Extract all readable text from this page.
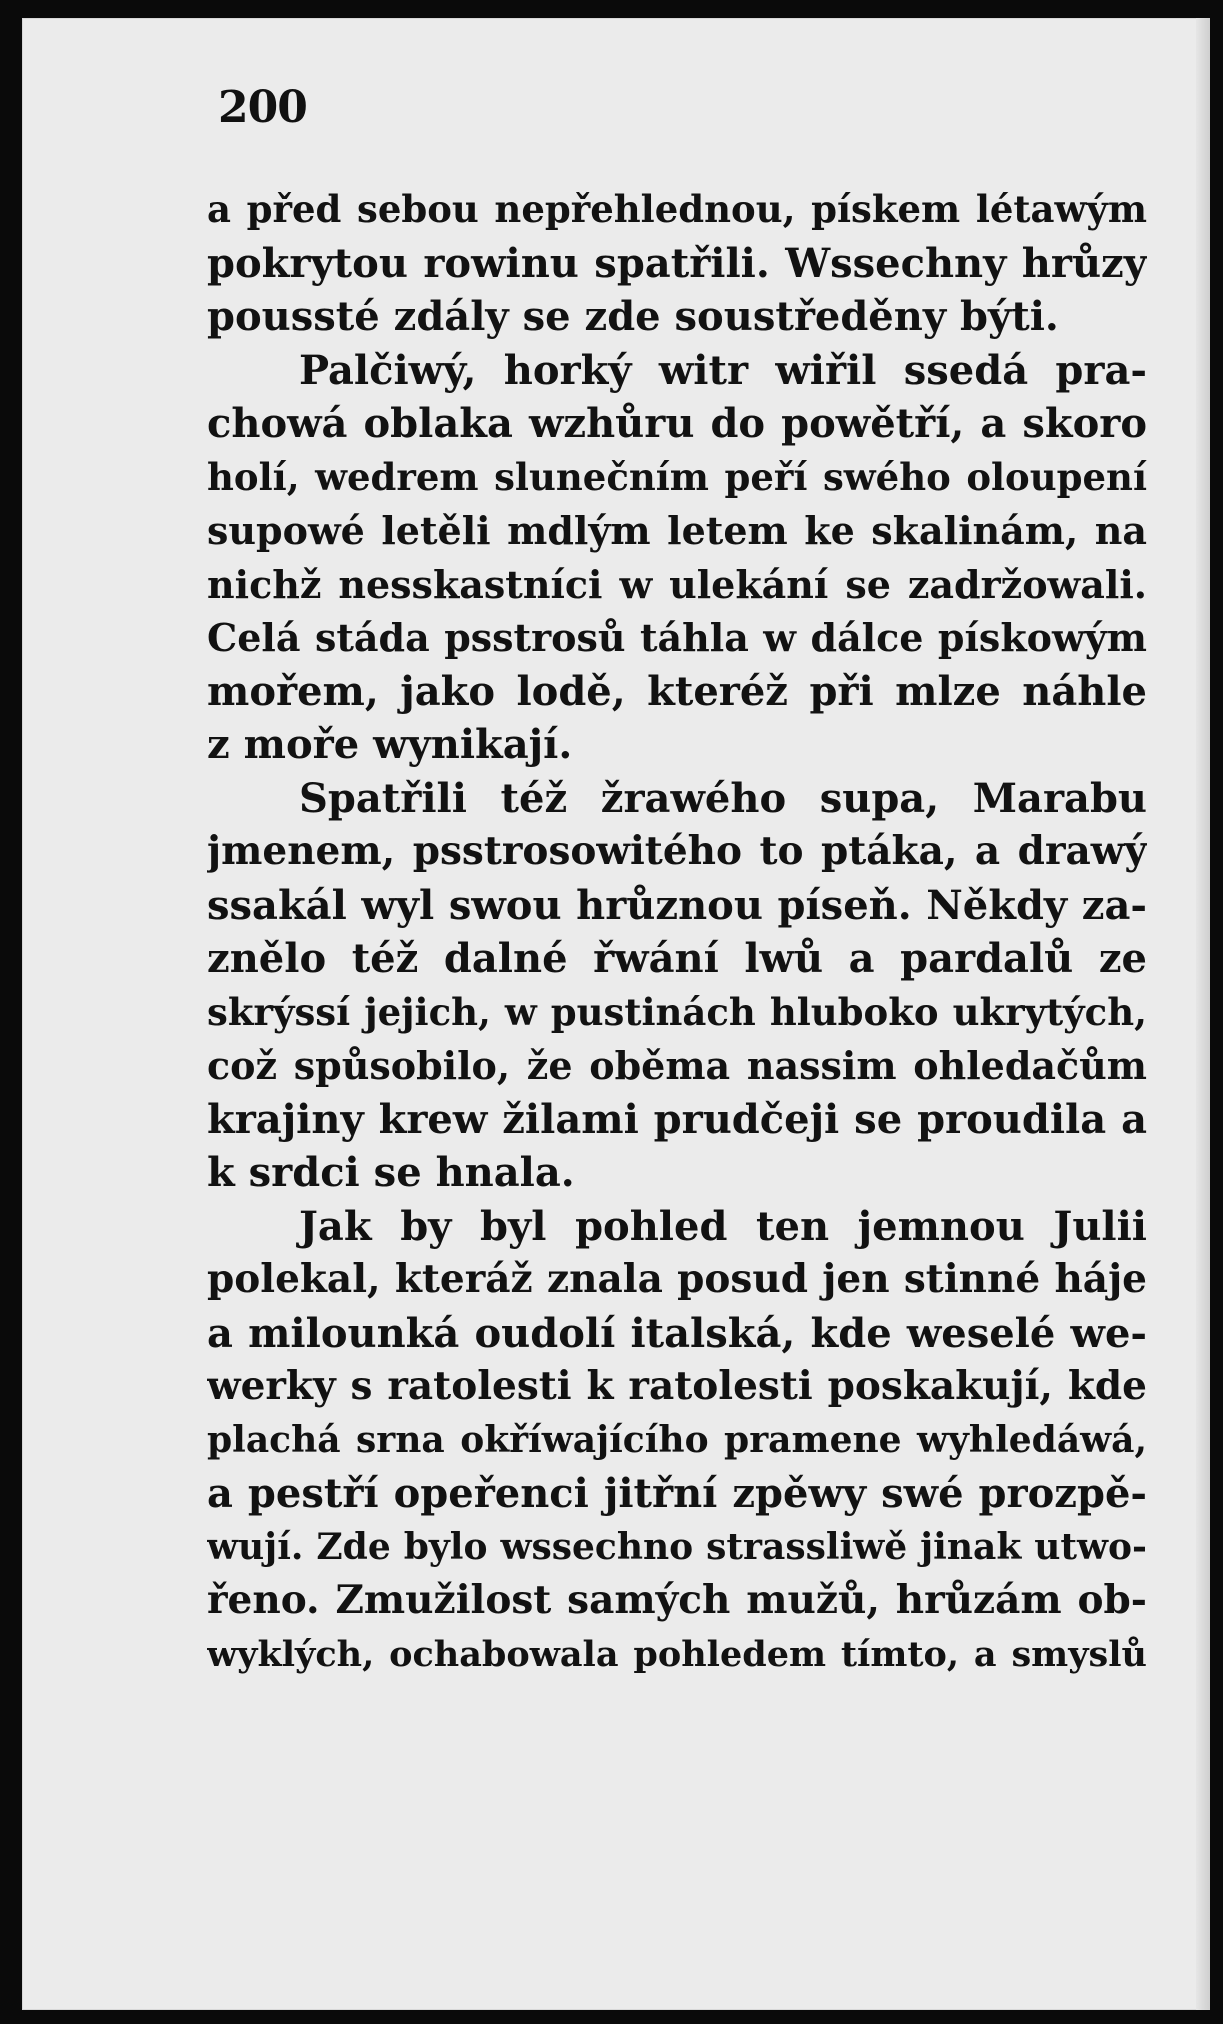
200
a před sebou nepřehlednou, pískem létawým
pokrytou rowinu spatřili. Wssechny hrůzy
poussté zdály se zde soustředěny býti.
Palčiwý, horký witr wiřil ssedá pra-
chowá oblaka wzhůru do powětří, a skoro
holí, wedrem slunečním peří swého oloupení
supowé letěli mdlým letem ke skalinám, na
nichž nesskastníci w ulekání se zadržowali.
Celá stáda psstrosů táhla w dálce pískowým
mořem, jako lodě, kteréž při mlze náhle
z moře wynikají.
Spatřili též žrawého supa, Marabu
jmenem, psstrosowitého to ptáka, a drawý
ssakál wyl swou hrůznou píseň. Někdy za-
znělo též dalné řwání lwů a pardalů ze
skrýssí jejich, w pustinách hluboko ukrytých,
což spůsobilo, že oběma nassim ohledačům
krajiny krew žilami prudčeji se proudila a
k srdci se hnala.
Jak by byl pohled ten jemnou Julii
polekal, kteráž znala posud jen stinné háje
a milounká oudolí italská, kde weselé we-
werky s ratolesti k ratolesti poskakují, kde
plachá srna okříwajícího pramene wyhledáwá,
a pestří opeřenci jitřní zpěwy swé prozpě-
wují. Zde bylo wssechno strassliwě jinak utwo-
řeno. Zmužilost samých mužů, hrůzám ob-
wyklých, ochabowala pohledem tímto, a smyslů
